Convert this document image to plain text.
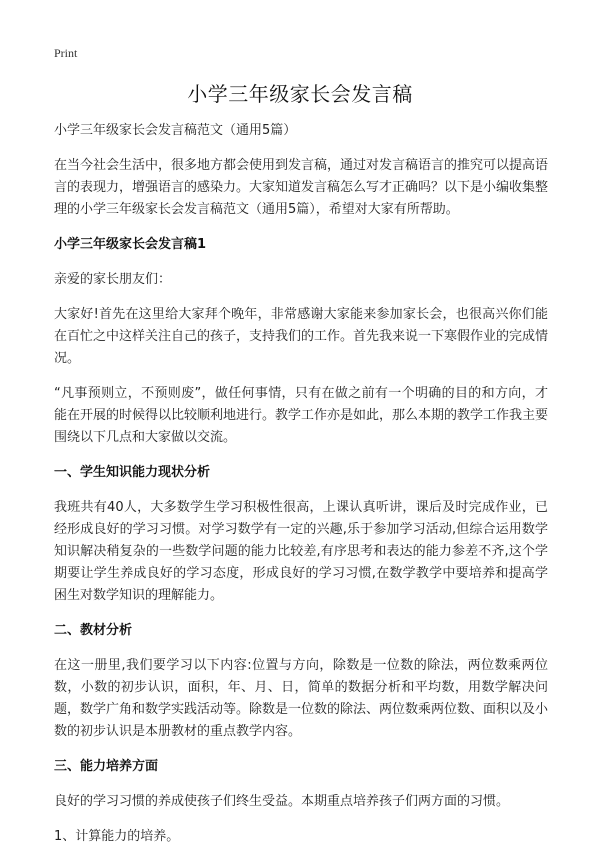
Print
小学三年级家长会发言稿

小学三年级家长会发言稿范文（通用5篇）

在当今社会生活中，很多地方都会使用到发言稿，通过对发言稿语言的推究可以提高语言的表现力，增强语言的感染力。大家知道发言稿怎么写才正确吗？以下是小编收集整理的小学三年级家长会发言稿范文（通用5篇），希望对大家有所帮助。

小学三年级家长会发言稿1

亲爱的家长朋友们：

大家好!首先在这里给大家拜个晚年，非常感谢大家能来参加家长会，也很高兴你们能在百忙之中这样关注自己的孩子，支持我们的工作。首先我来说一下寒假作业的完成情况。

“凡事预则立，不预则废”，做任何事情，只有在做之前有一个明确的目的和方向，才能在开展的时候得以比较顺利地进行。教学工作亦是如此，那么本期的教学工作我主要围绕以下几点和大家做以交流。

一、学生知识能力现状分析

我班共有40人，大多数学生学习积极性很高，上课认真听讲，课后及时完成作业，已经形成良好的学习习惯。对学习数学有一定的兴趣,乐于参加学习活动,但综合运用数学知识解决稍复杂的一些数学问题的能力比较差,有序思考和表达的能力参差不齐,这个学期要让学生养成良好的学习态度，形成良好的学习习惯,在数学教学中要培养和提高学困生对数学知识的理解能力。

二、教材分析

在这一册里,我们要学习以下内容:位置与方向，除数是一位数的除法，两位数乘两位数，小数的初步认识，面积，年、月、日，简单的数据分析和平均数，用数学解决问题，数学广角和数学实践活动等。除数是一位数的除法、两位数乘两位数、面积以及小数的初步认识是本册教材的重点教学内容。

三、能力培养方面

良好的学习习惯的养成使孩子们终生受益。本期重点培养孩子们两方面的习惯。

1、计算能力的培养。
